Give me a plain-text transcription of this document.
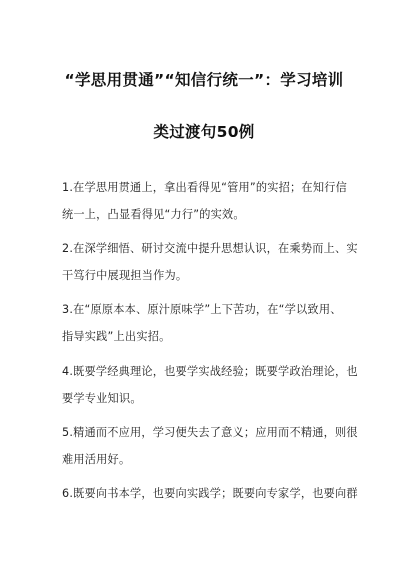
“学思用贯通”“知信行统一”：学习培训
类过渡句50例
1.在学思用贯通上，拿出看得见“管用”的实招；在知行信
统一上，凸显看得见“力行”的实效。
2.在深学细悟、研讨交流中提升思想认识，在乘势而上、实
干笃行中展现担当作为。
3.在“原原本本、原汁原味学”上下苦功，在“学以致用、
指导实践”上出实招。
4.既要学经典理论，也要学实战经验；既要学政治理论，也
要学专业知识。
5.精通而不应用，学习便失去了意义；应用而不精通，则很
难用活用好。
6.既要向书本学，也要向实践学；既要向专家学，也要向群
